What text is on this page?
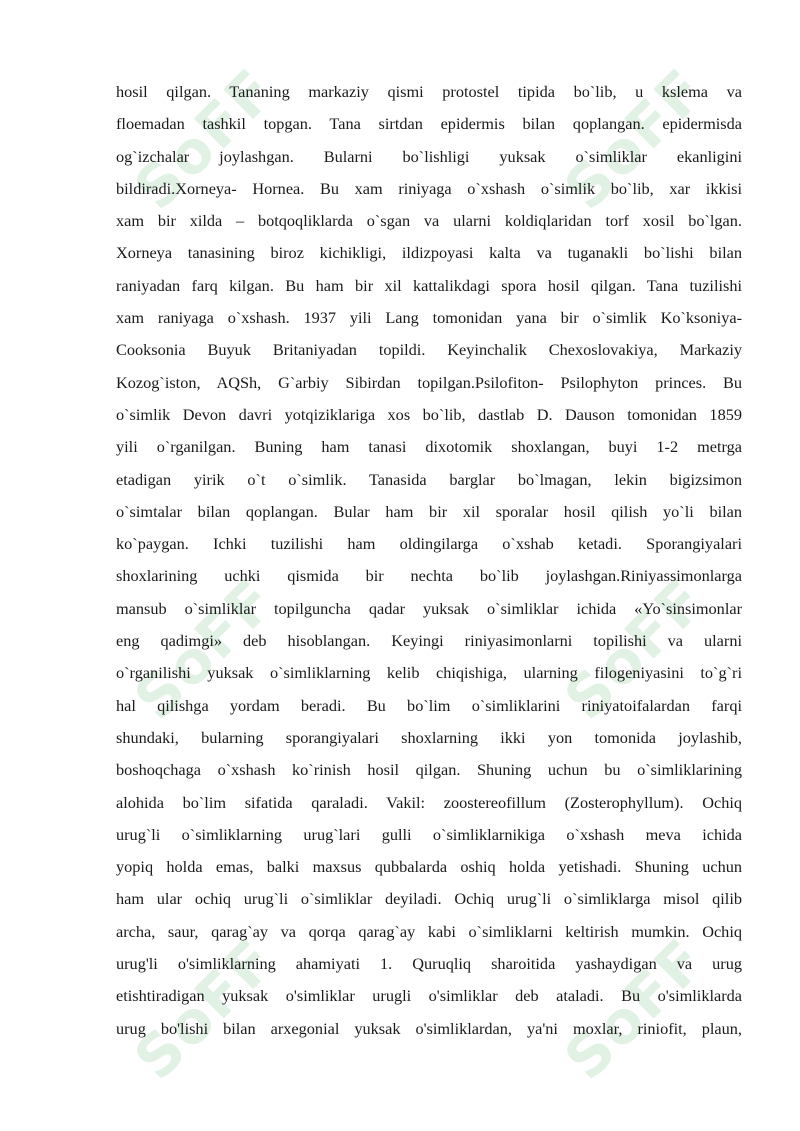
SoFF	SoFF
SoFF	SoFF
SoFF	SoFF
hosil qilgan. Tananing markaziy qismi protostel tipida bo`lib, u kslema va
floemadan tashkil topgan. Tana sirtdan epidermis bilan qoplangan. epidermisda
og`izchalar joylashgan. Bularni bo`lishligi yuksak o`simliklar ekanligini
bildiradi.Xorneya- Hornea. Bu xam riniyaga o`xshash o`simlik bo`lib, xar ikkisi
xam bir xilda – botqoqliklarda o`sgan va ularni koldiqlaridan torf xosil bo`lgan.
Xorneya tanasining biroz kichikligi, ildizpoyasi kalta va tuganakli bo`lishi bilan
raniyadan farq kilgan. Bu ham bir xil kattalikdagi spora hosil qilgan. Tana tuzilishi
xam raniyaga o`xshash. 1937 yili Lang tomonidan yana bir o`simlik Ko`ksoniya-
Cooksonia Buyuk Britaniyadan topildi. Keyinchalik Chexoslovakiya, Markaziy
Kozog`iston, AQSh, G`arbiy Sibirdan topilgan.Psilofiton- Psilophyton princes. Bu
o`simlik Devon davri yotqiziklariga xos bo`lib, dastlab D. Dauson tomonidan 1859
yili o`rganilgan. Buning ham tanasi dixotomik shoxlangan, buyi 1-2 metrga
etadigan yirik o`t o`simlik. Tanasida barglar bo`lmagan, lekin bigizsimon
o`simtalar bilan qoplangan. Bular ham bir xil sporalar hosil qilish yo`li bilan
ko`paygan. Ichki tuzilishi ham oldingilarga o`xshab ketadi. Sporangiyalari
shoxlarining uchki qismida bir nechta bo`lib joylashgan.Riniyassimonlarga
mansub o`simliklar topilguncha qadar yuksak o`simliklar ichida «Yo`sinsimonlar
eng qadimgi» deb hisoblangan. Keyingi riniyasimonlarni topilishi va ularni
o`rganilishi yuksak o`simliklarning kelib chiqishiga, ularning filogeniyasini to`g`ri
hal qilishga yordam beradi. Bu bo`lim o`simliklarini riniyatoifalardan farqi
shundaki, bularning sporangiyalari shoxlarning ikki yon tomonida joylashib,
boshoqchaga o`xshash ko`rinish hosil qilgan. Shuning uchun bu o`simliklarining
alohida bo`lim sifatida qaraladi. Vakil: zoostereofillum (Zosterophyllum). Ochiq
urug`li o`simliklarning urug`lari gulli o`simliklarnikiga o`xshash meva ichida
yopiq holda emas, balki maxsus qubbalarda oshiq holda yetishadi. Shuning uchun
ham ular ochiq urug`li o`simliklar deyiladi. Ochiq urug`li o`simliklarga misol qilib
archa, saur, qarag`ay va qorqa qarag`ay kabi o`simliklarni keltirish mumkin. Ochiq
urug'li o'simliklarning ahamiyati 1. Quruqliq sharoitida yashaydigan va urug
etishtiradigan yuksak o'simliklar urugli o'simliklar deb ataladi. Bu o'simliklarda
urug bo'lishi bilan arxegonial yuksak o'simliklardan, ya'ni moxlar, riniofit, plaun,
